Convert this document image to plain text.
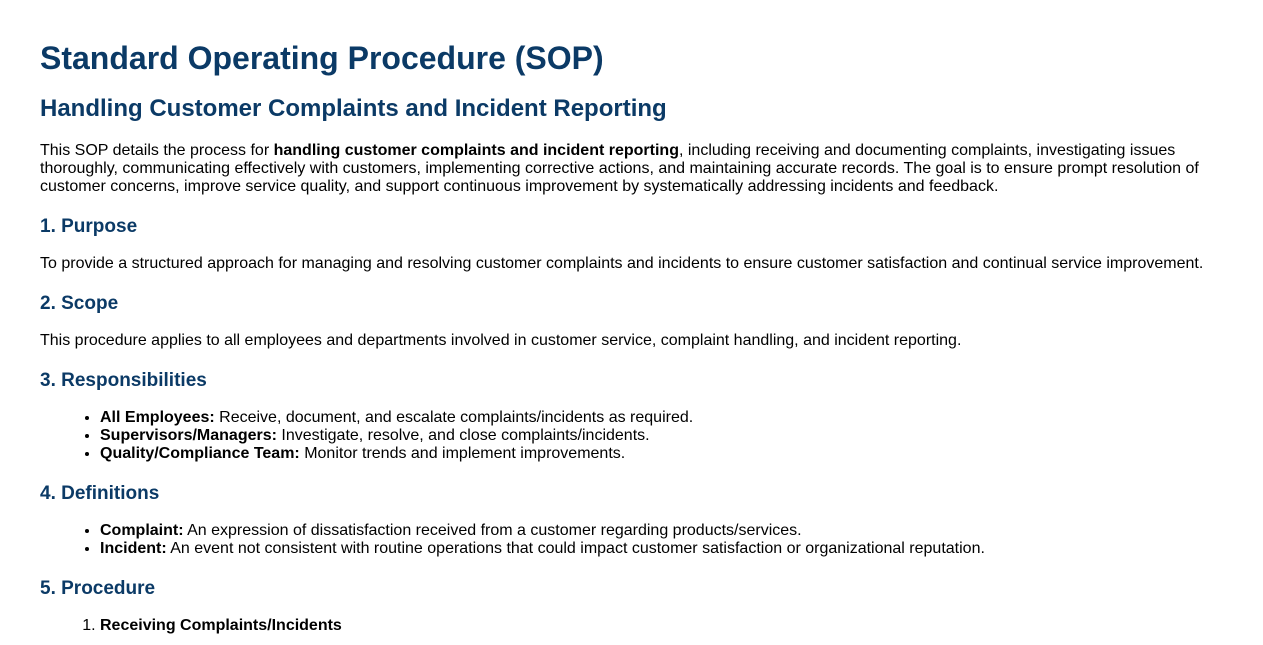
Standard Operating Procedure (SOP)
Handling Customer Complaints and Incident Reporting

This SOP details the process for handling customer complaints and incident reporting, including receiving and documenting complaints, investigating issues thoroughly, communicating effectively with customers, implementing corrective actions, and maintaining accurate records. The goal is to ensure prompt resolution of customer concerns, improve service quality, and support continuous improvement by systematically addressing incidents and feedback.

1. Purpose

To provide a structured approach for managing and resolving customer complaints and incidents to ensure customer satisfaction and continual service improvement.

2. Scope

This procedure applies to all employees and departments involved in customer service, complaint handling, and incident reporting.

3. Responsibilities
• All Employees: Receive, document, and escalate complaints/incidents as required.
• Supervisors/Managers: Investigate, resolve, and close complaints/incidents.
• Quality/Compliance Team: Monitor trends and implement improvements.
4. Definitions
• Complaint: An expression of dissatisfaction received from a customer regarding products/services.
• Incident: An event not consistent with routine operations that could impact customer satisfaction or organizational reputation.
5. Procedure
1. Receiving Complaints/Incidents
